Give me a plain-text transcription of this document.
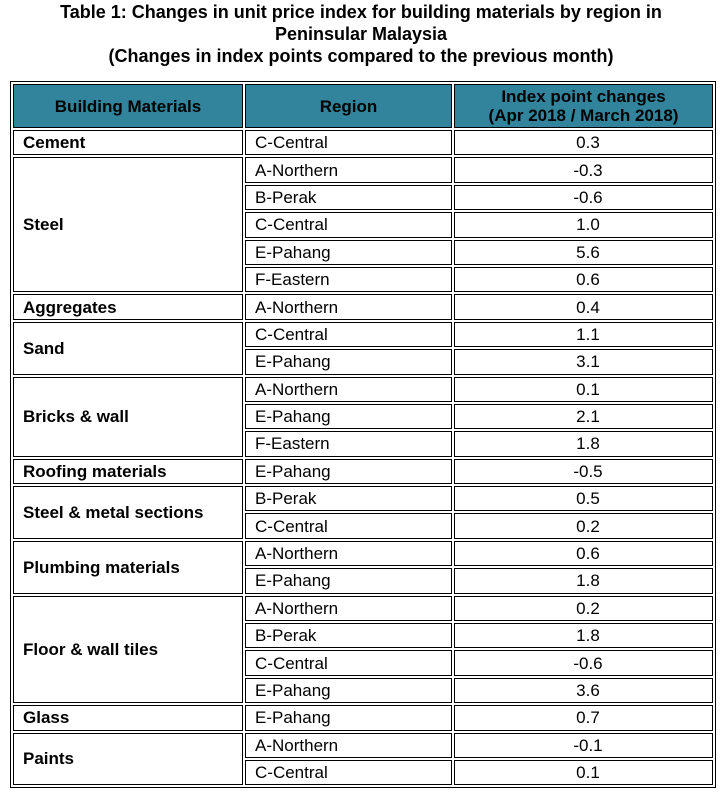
Table 1: Changes in unit price index for building materials by region in
Peninsular Malaysia
(Changes in index points compared to the previous month)
Building Materials	Region	Index point changes
(Apr 2018 / March 2018)

Cement	C-Central	0.3
Steel	A-Northern	-0.3
	B-Perak	-0.6
	C-Central	1.0
	E-Pahang	5.6
	F-Eastern	0.6
Aggregates	A-Northern	0.4
Sand	C-Central	1.1
	E-Pahang	3.1
Bricks & wall	A-Northern	0.1
	E-Pahang	2.1
	F-Eastern	1.8
Roofing materials	E-Pahang	-0.5
Steel & metal sections	B-Perak	0.5
	C-Central	0.2
Plumbing materials	A-Northern	0.6
	E-Pahang	1.8
Floor & wall tiles	A-Northern	0.2
	B-Perak	1.8
	C-Central	-0.6
	E-Pahang	3.6
Glass	E-Pahang	0.7
Paints	A-Northern	-0.1
	C-Central	0.1
